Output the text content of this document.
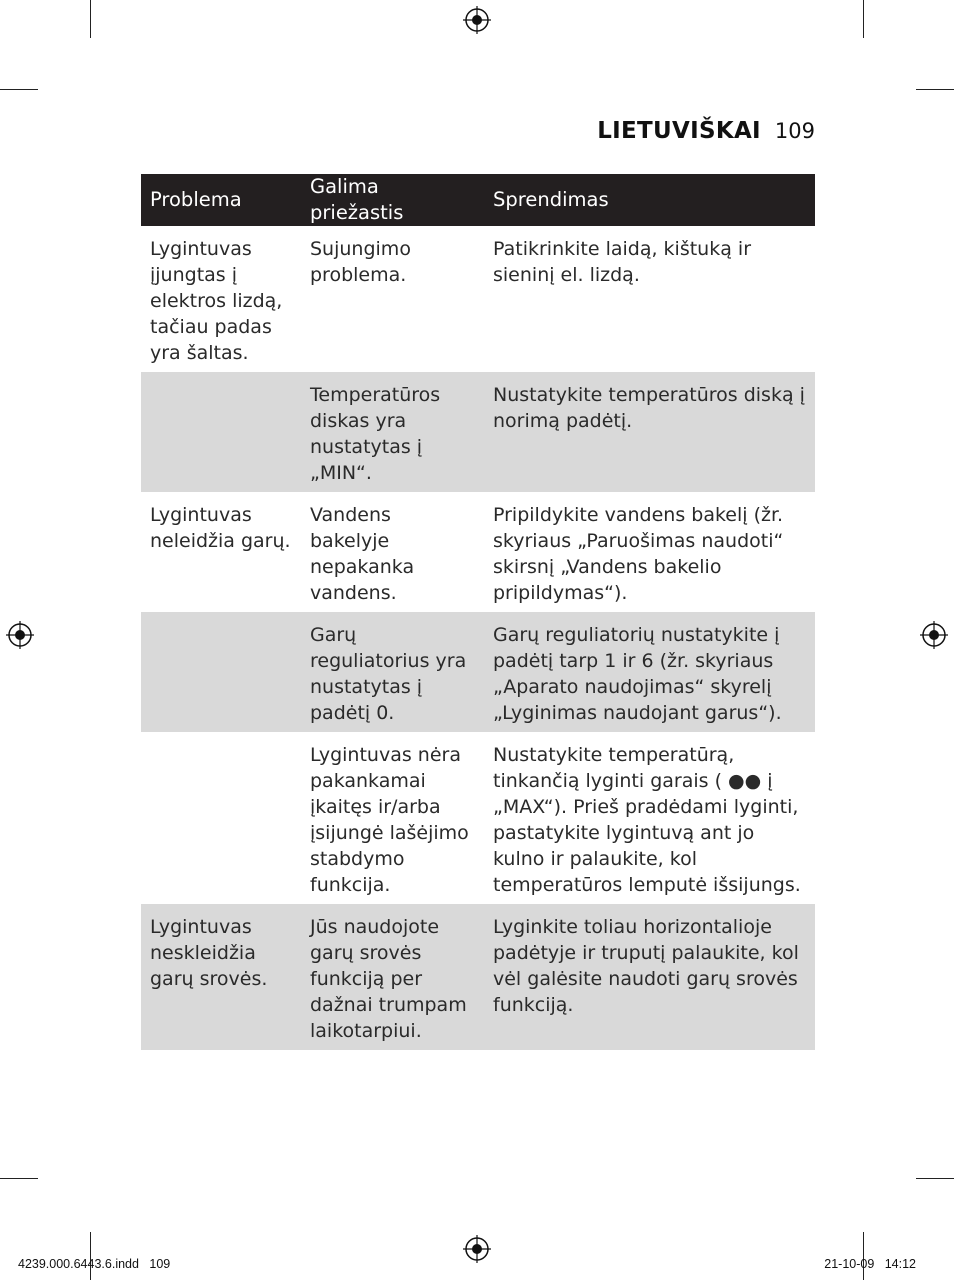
LIETUVIŠKAI 109
Problema	Galima priežastis	Sprendimas
Lygintuvas įjungtas į elektros lizdą, tačiau padas yra šaltas.	Sujungimo problema.	Patikrinkite laidą, kištuką ir sieninį el. lizdą.
	Temperatūros diskas yra nustatytas į „MIN“.	Nustatykite temperatūros diską į norimą padėtį.
Lygintuvas neleidžia garų.	Vandens bakelyje nepakanka vandens.	Pripildykite vandens bakelį (žr. skyriaus „Paruošimas naudoti“ skirsnį „Vandens bakelio pripildymas“).
	Garų reguliatorius yra nustatytas į padėtį 0.	Garų reguliatorių nustatykite į padėtį tarp 1 ir 6 (žr. skyriaus „Aparato naudojimas“ skyrelį „Lyginimas naudojant garus“).
	Lygintuvas nėra pakankamai įkaitęs ir/arba įsijungė lašėjimo stabdymo funkcija.	Nustatykite temperatūrą, tinkančią lyginti garais ( ●● į „MAX“). Prieš pradėdami lyginti, pastatykite lygintuvą ant jo kulno ir palaukite, kol temperatūros lemputė išsijungs.
Lygintuvas neskleidžia garų srovės.	Jūs naudojote garų srovės funkciją per dažnai trumpam laikotarpiui.	Lyginkite toliau horizontalioje padėtyje ir truputį palaukite, kol vėl galėsite naudoti garų srovės funkciją.
4239.000.6443.6.indd   109	21-10-09   14:12
